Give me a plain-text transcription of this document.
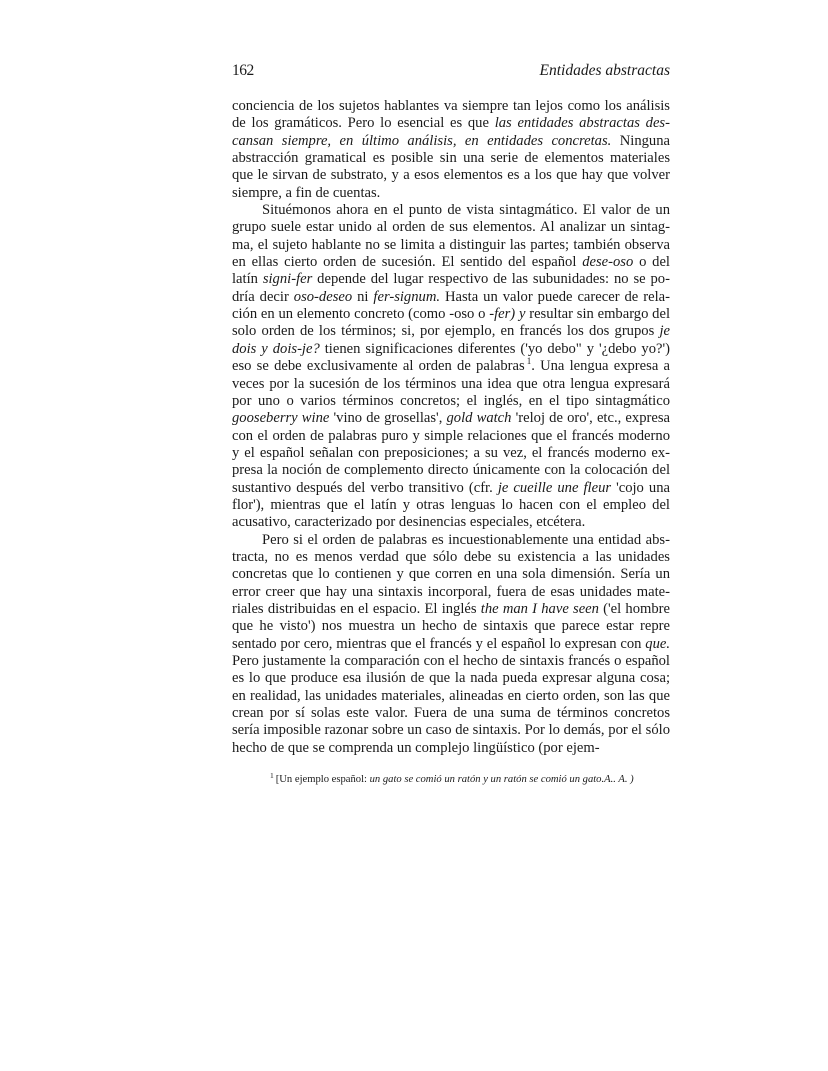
162	Entidades abstractas

conciencia de los sujetos hablantes va siempre tan lejos como los análisis de los gramáticos. Pero lo esencial es que las entidades abstractas descansan siempre, en último análisis, en entidades concretas. Ninguna abstracción gramatical es posible sin una serie de elementos materiales que le sirvan de substrato, y a esos elementos es a los que hay que volver siempre, a fin de cuentas.

Situémonos ahora en el punto de vista sintagmático. El valor de un grupo suele estar unido al orden de sus elementos. Al analizar un sintagma, el sujeto hablante no se limita a distinguir las partes; también observa en ellas cierto orden de sucesión. El sentido del español dese-oso o del latín signi-fer depende del lugar respectivo de las subunidades: no se podría decir oso-deseo ni fer-signum. Hasta un valor puede carecer de relación en un elemento concreto (como -oso o -fer) y resultar sin embargo del solo orden de los términos; si, por ejemplo, en francés los dos grupos je dois y dois-je? tienen significaciones diferentes ('yo debo" y '¿debo yo?') eso se debe exclusivamente al orden de palabras $^1$. Una lengua expresa a veces por la sucesión de los términos una idea que otra lengua expresará por uno o varios términos concretos; el inglés, en el tipo sintagmático gooseberry wine 'vino de grosellas', gold watch 'reloj de oro', etc., expresa con el orden de palabras puro y simple relaciones que el francés moderno y el español señalan con preposiciones; a su vez, el francés moderno expresa la noción de complemento directo únicamente con la colocación del sustantivo después del verbo transitivo (cfr. je cueille une fleur 'cojo una flor'), mientras que el latín y otras lenguas lo hacen con el empleo del acusativo, caracterizado por desinencias especiales, etcétera.

Pero si el orden de palabras es incuestionablemente una entidad abstracta, no es menos verdad que sólo debe su existencia a las unidades concretas que lo contienen y que corren en una sola dimensión. Sería un error creer que hay una sintaxis incorporal, fuera de esas unidades materiales distribuidas en el espacio. El inglés the man I have seen ('el hombre que he visto') nos muestra un hecho de sintaxis que parece estar repre sentado por cero, mientras que el francés y el español lo expresan con que. Pero justamente la comparación con el hecho de sintaxis francés o español es lo que produce esa ilusión de que la nada pueda expresar alguna cosa; en realidad, las unidades materiales, alineadas en cierto orden, son las que crean por sí solas este valor. Fuera de una suma de términos concretos sería imposible razonar sobre un caso de sintaxis. Por lo demás, por el sólo hecho de que se comprenda un complejo lingüístico (por ejem-

$^1$ [Un ejemplo español: un gato se comió un ratón y un ratón se comió un gato.A.. A. )
